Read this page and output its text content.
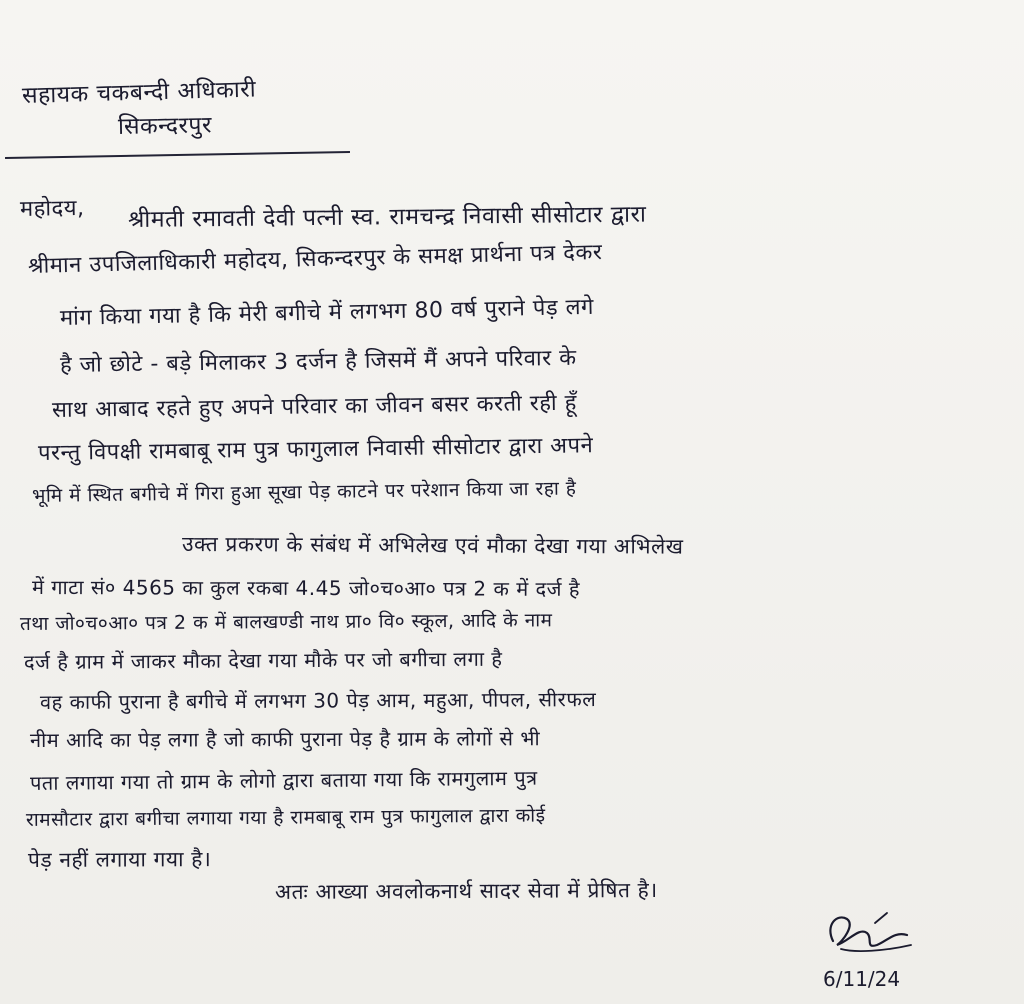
सहायक चकबन्दी अधिकारी
सिकन्दरपुर
महोदय, श्रीमती रमावती देवी पत्नी स्व. रामचन्द्र निवासी सीसोटार द्वारा
श्रीमान उपजिलाधिकारी महोदय, सिकन्दरपुर के समक्ष प्रार्थना पत्र देकर
मांग किया गया है कि मेरी बगीचे में लगभग 80 वर्ष पुराने पेड़ लगे
है जो छोटे - बड़े मिलाकर 3 दर्जन है जिसमें मैं अपने परिवार के
साथ आबाद रहते हुए अपने परिवार का जीवन बसर करती रही हूँ
परन्तु विपक्षी रामबाबू राम पुत्र फागुलाल निवासी सीसोटार द्वारा अपने
भूमि में स्थित बगीचे में गिरा हुआ सूखा पेड़ काटने पर परेशान किया जा रहा है
उक्त प्रकरण के संबंध में अभिलेख एवं मौका देखा गया अभिलेख
में गाटा सं० 4565 का कुल रकबा 4.45 जो०च०आ० पत्र 2 क में दर्ज है
तथा जो०च०आ० पत्र 2 क में बालखण्डी नाथ प्रा० वि० स्कूल, आदि के नाम
दर्ज है ग्राम में जाकर मौका देखा गया मौके पर जो बगीचा लगा है
वह काफी पुराना है बगीचे में लगभग 30 पेड़ आम, महुआ, पीपल, सीरफल
नीम आदि का पेड़ लगा है जो काफी पुराना पेड़ है ग्राम के लोगों से भी
पता लगाया गया तो ग्राम के लोगो द्वारा बताया गया कि रामगुलाम पुत्र
रामसौटार द्वारा बगीचा लगाया गया है रामबाबू राम पुत्र फागुलाल द्वारा कोई
पेड़ नहीं लगाया गया है।
अतः आख्या अवलोकनार्थ सादर सेवा में प्रेषित है।
6/11/24
